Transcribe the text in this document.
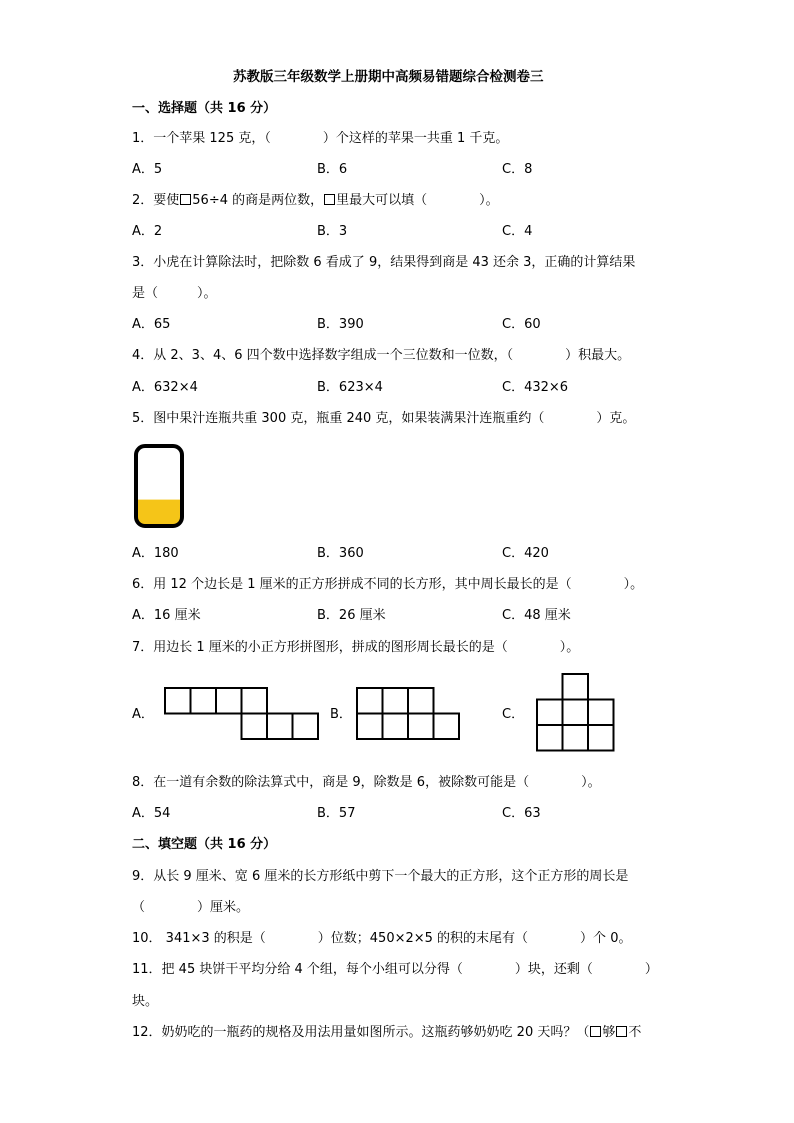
苏教版三年级数学上册期中高频易错题综合检测卷三
一、选择题（共 16 分）
1．一个苹果 125 克，（　　　　）个这样的苹果一共重 1 千克。
A．5	B．6	C．8
2．要使 56÷4 的商是两位数， 里最大可以填（　　　　）。
A．2	B．3	C．4
3．小虎在计算除法时，把除数 6 看成了 9，结果得到商是 43 还余 3，正确的计算结果
是（　　　）。
A．65	B．390	C．60
4．从 2、3、4、6 四个数中选择数字组成一个三位数和一位数，（　　　　）积最大。
A．632×4	B．623×4	C．432×6
5．图中果汁连瓶共重 300 克，瓶重 240 克，如果装满果汁连瓶重约（　　　　）克。
A．180	B．360	C．420
6．用 12 个边长是 1 厘米的正方形拼成不同的长方形，其中周长最长的是（　　　　）。
A．16 厘米	B．26 厘米	C．48 厘米
7．用边长 1 厘米的小正方形拼图形，拼成的图形周长最长的是（　　　　）。
A．	B．	C．
8．在一道有余数的除法算式中，商是 9，除数是 6，被除数可能是（　　　　）。
A．54	B．57	C．63
二、填空题（共 16 分）
9．从长 9 厘米、宽 6 厘米的长方形纸中剪下一个最大的正方形，这个正方形的周长是
（　　　　）厘米。
10． 341×3 的积是（　　　　）位数；450×2×5 的积的末尾有（　　　　）个 0。
11．把 45 块饼干平均分给 4 个组，每个小组可以分得（　　　　）块，还剩（　　　　）
块。
12．奶奶吃的一瓶药的规格及用法用量如图所示。这瓶药够奶奶吃 20 天吗？（ 够 不
